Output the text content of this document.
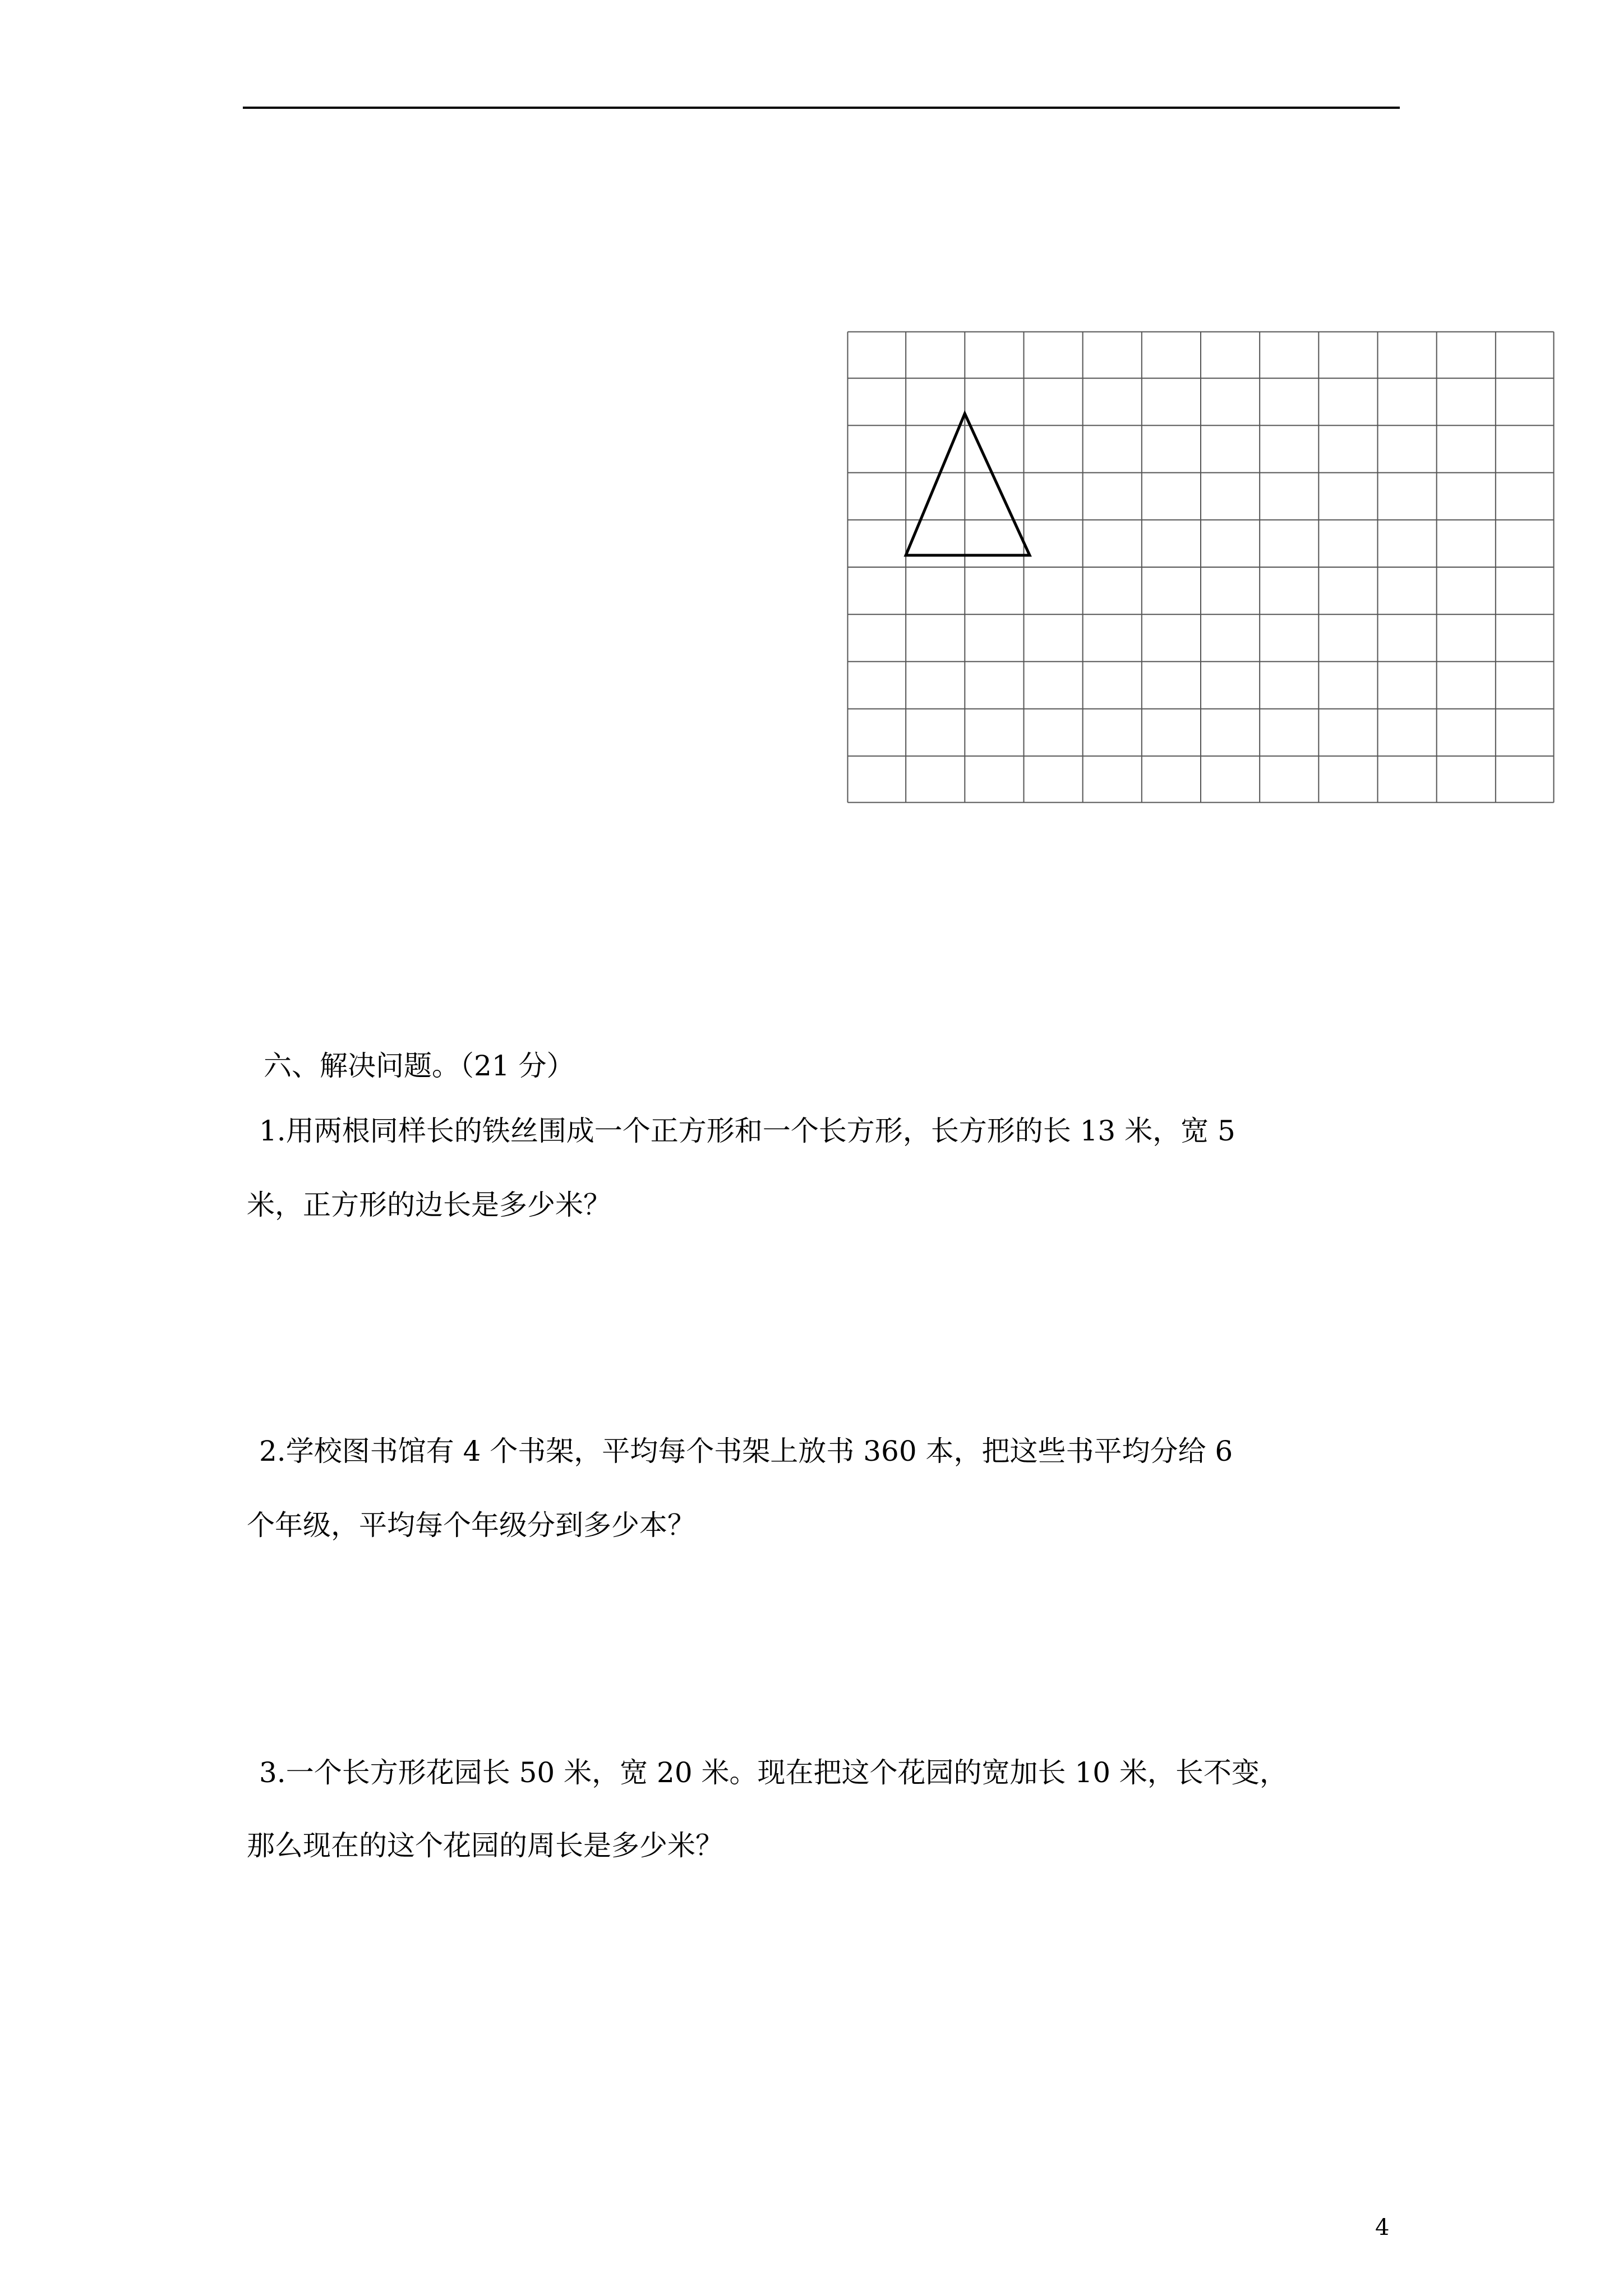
六、解决问题。（21 分）
1.用两根同样长的铁丝围成一个正方形和一个长方形，长方形的长 13 米，宽 5
米，正方形的边长是多少米？
2.学校图书馆有 4 个书架，平均每个书架上放书 360 本，把这些书平均分给 6
个年级，平均每个年级分到多少本？
3.一个长方形花园长 50 米，宽 20 米。现在把这个花园的宽加长 10 米，长不变，
那么现在的这个花园的周长是多少米？
4
